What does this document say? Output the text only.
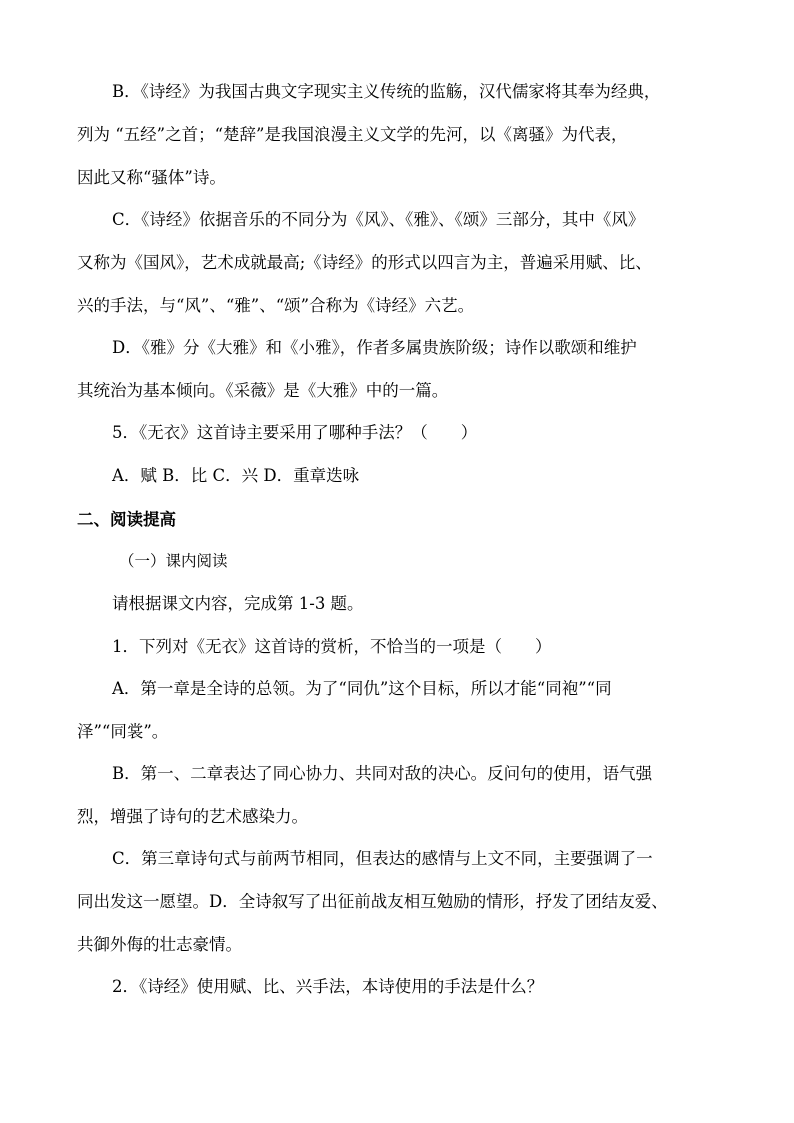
B．《诗经》为我国古典文字现实主义传统的监觞，汉代儒家将其奉为经典，
列为 “五经”之首；“楚辞”是我国浪漫主义文学的先河，以《离骚》为代表，
因此又称“骚体”诗。
C．《诗经》依据音乐的不同分为《风》、《雅》、《颂》三部分，其中《风》
又称为《国风》，艺术成就最高;《诗经》的形式以四言为主，普遍采用赋、比、
兴的手法，与“风”、“雅”、“颂”合称为《诗经》六艺。
D．《雅》分《大雅》和《小雅》，作者多属贵族阶级；诗作以歌颂和维护
其统治为基本倾向。《采薇》是《大雅》中的一篇。
5．《无衣》这首诗主要采用了哪种手法？（　　）
A．赋 B．比 C．兴 D．重章迭咏
二、阅读提高
（一）课内阅读
请根据课文内容，完成第 1-3 题。
1．下列对《无衣》这首诗的赏析，不恰当的一项是（　　）
A．第一章是全诗的总领。为了“同仇”这个目标，所以才能“同袍”“同
泽”“同裳”。
B．第一、二章表达了同心协力、共同对敌的决心。反问句的使用，语气强
烈，增强了诗句的艺术感染力。
C．第三章诗句式与前两节相同，但表达的感情与上文不同，主要强调了一
同出发这一愿望。D．全诗叙写了出征前战友相互勉励的情形，抒发了团结友爱、
共御外侮的壮志豪情。
2．《诗经》使用赋、比、兴手法，本诗使用的手法是什么？
